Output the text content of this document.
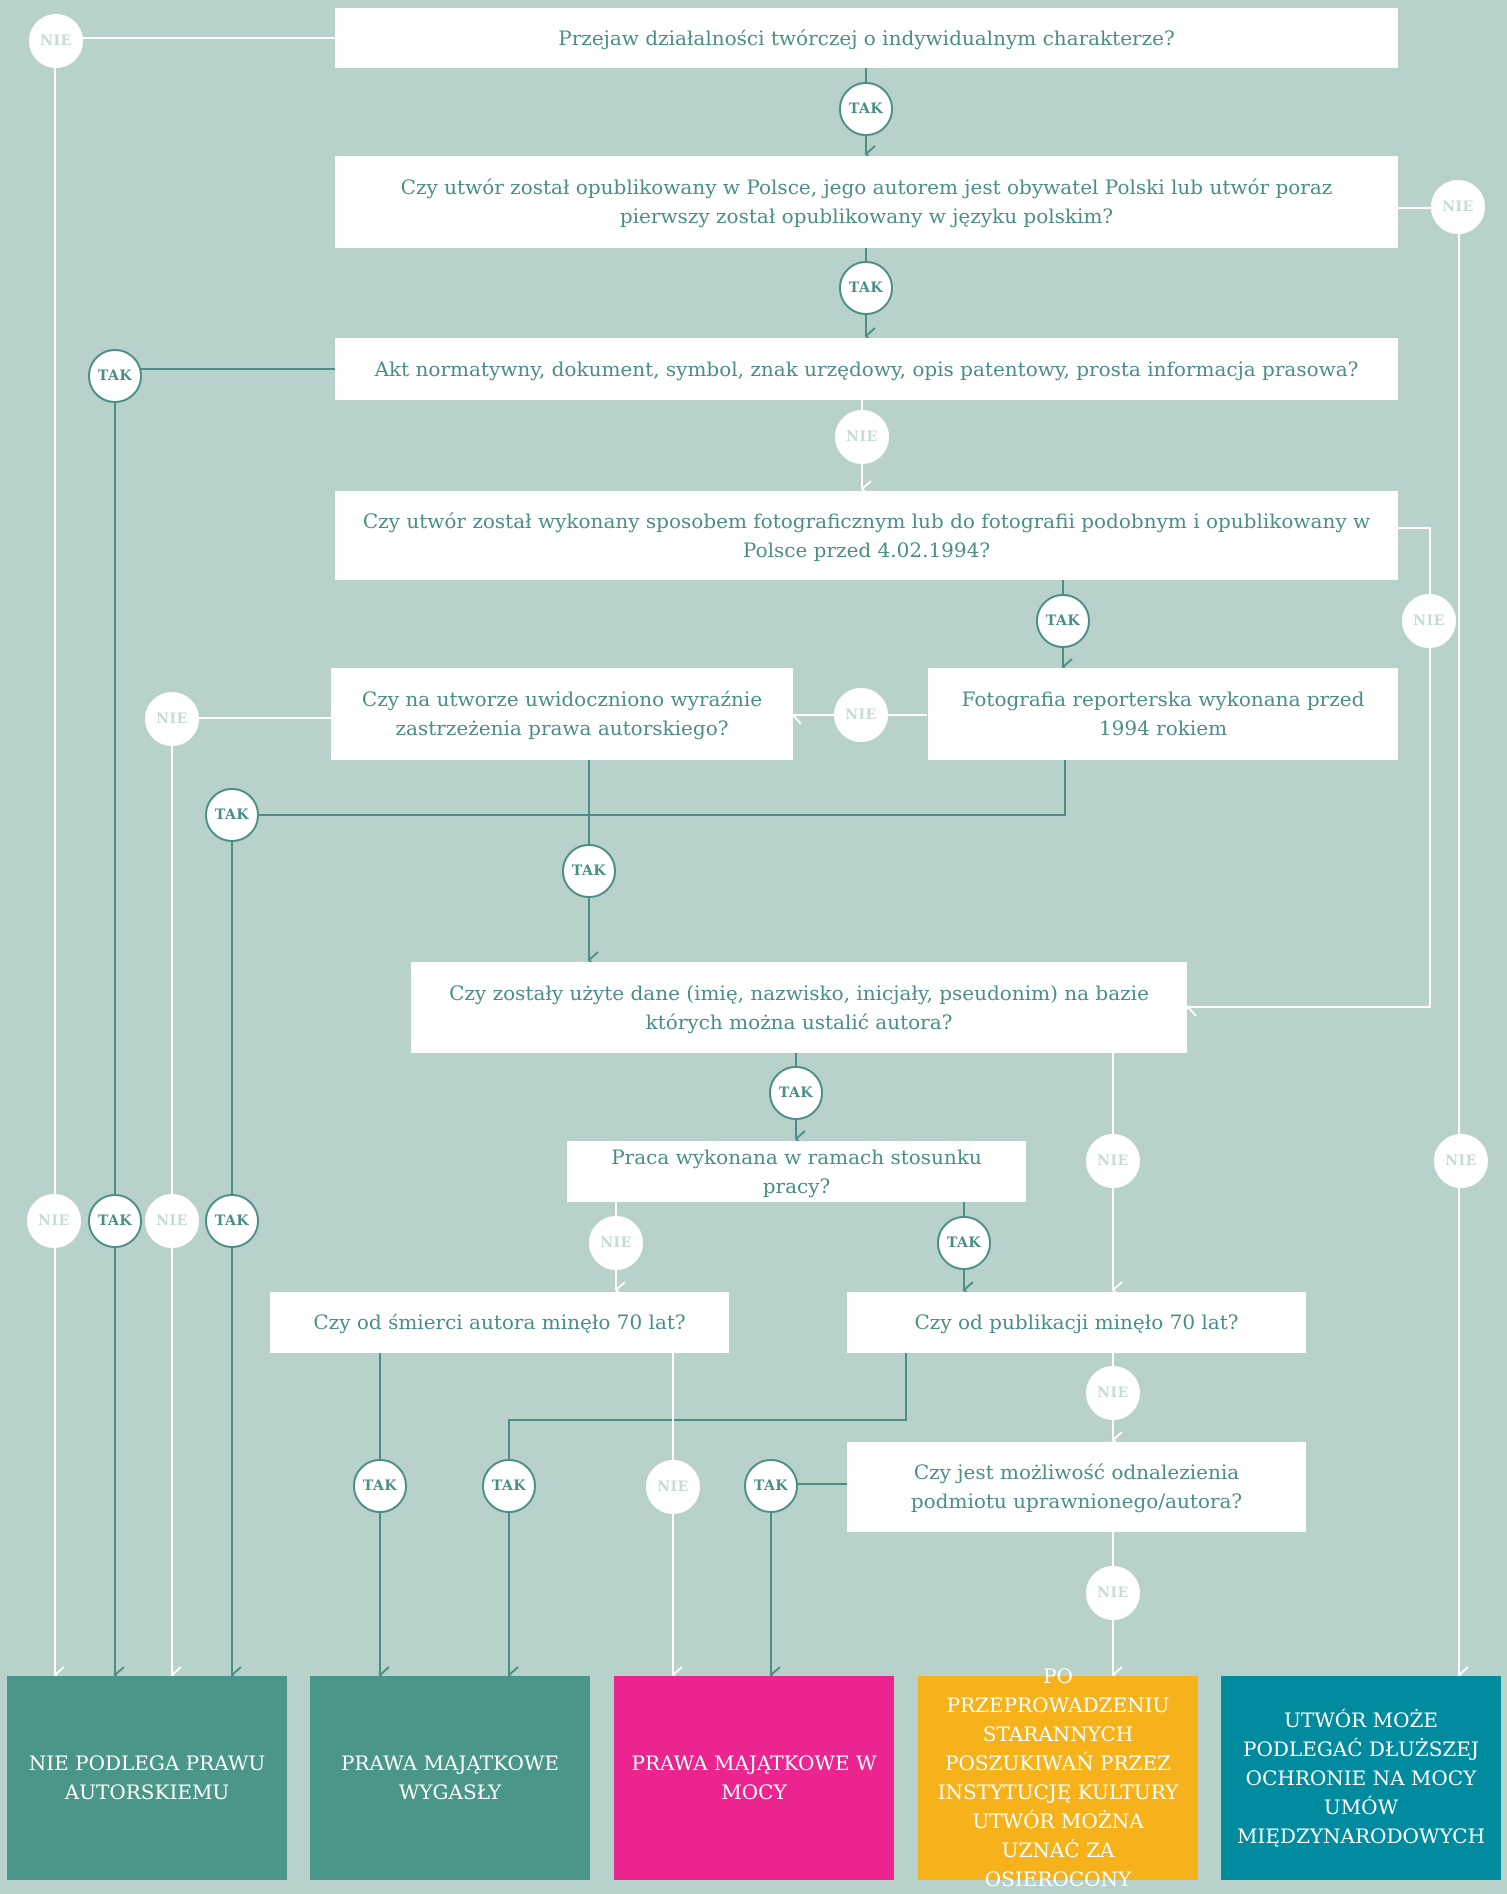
Przejaw działalności twórczej o indywidualnym charakterze?
Czy utwór został opublikowany w Polsce, jego autorem jest obywatel Polski lub utwór poraz pierwszy został opublikowany w języku polskim?
Akt normatywny, dokument, symbol, znak urzędowy, opis patentowy, prosta informacja prasowa?
Czy utwór został wykonany sposobem fotograficznym lub do fotografii podobnym i opublikowany w Polsce przed 4.02.1994?
Czy na utworze uwidoczniono wyraźnie zastrzeżenia prawa autorskiego?
Fotografia reporterska wykonana przed 1994 rokiem
Czy zostały użyte dane (imię, nazwisko, inicjały, pseudonim) na bazie których można ustalić autora?
Praca wykonana w ramach stosunku pracy?
Czy od śmierci autora minęło 70 lat?	Czy od publikacji minęło 70 lat?
Czy jest możliwość odnalezienia podmiotu uprawnionego/autora?
TAK
TAK
TAK
TAK
TAK
TAK
TAK
TAK	TAK
TAK
TAK	TAK	TAK
NIE
NIE
NIE
NIE
NIE
NIE
NIE	NIE
NIE	NIE
NIE
NIE
NIE
NIE
NIE PODLEGA PRAWU AUTORSKIEMU
PRAWA MAJĄTKOWE WYGASŁY
PRAWA MAJĄTKOWE W MOCY
PO PRZEPROWADZENIU STARANNYCH POSZUKIWAŃ PRZEZ INSTYTUCJĘ KULTURY UTWÓR MOŻNA UZNAĆ ZA OSIEROCONY
UTWÓR MOŻE PODLEGAĆ DŁUŻSZEJ OCHRONIE NA MOCY UMÓW MIĘDZYNARODOWYCH
